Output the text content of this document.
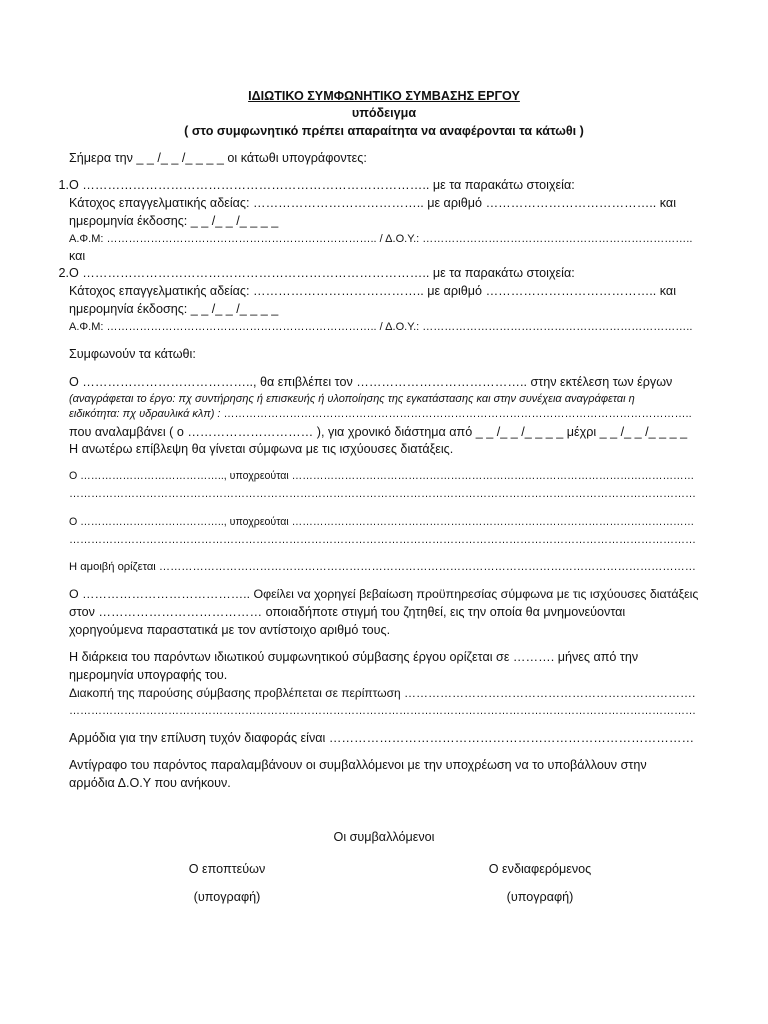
ΙΔΙΩΤΙΚΟ ΣΥΜΦΩΝΗΤΙΚΟ ΣΥΜΒΑΣΗΣ ΕΡΓΟΥ
υπόδειγμα
( στο συμφωνητικό πρέπει απαραίτητα να αναφέρονται τα κάτωθι )
Σήμερα την _ _ /_ _ /_ _ _ _ οι κάτωθι υπογράφοντες:
1.Ο ……………………………………………………………………….. με τα παρακάτω στοιχεία:
Κάτοχος επαγγελματικής αδείας: ………………………………….. με αριθμό ………………………………….. και
ημερομηνία έκδοσης: _ _ /_ _ /_ _ _ _
Α.Φ.Μ: ……………………………………………………………….. / Δ.Ο.Υ.: ………………………………………………………………..
και
2.Ο ……………………………………………………………………….. με τα παρακάτω στοιχεία:
Κάτοχος επαγγελματικής αδείας: ………………………………….. με αριθμό ………………………………….. και
ημερομηνία έκδοσης: _ _ /_ _ /_ _ _ _
Α.Φ.Μ: ……………………………………………………………….. / Δ.Ο.Υ.: ………………………………………………………………..
Συμφωνούν τα κάτωθι:
Ο ………………………………….., θα επιβλέπει τον ………………………………….. στην εκτέλεση των έργων
(αναγράφεται το έργο: πχ συντήρησης ή επισκευής ή υλοποίησης της εγκατάστασης και στην συνέχεια αναγράφεται η
ειδικότητα: πχ υδραυλικά κλπ) : ………………………………………………………………………………………………………………..
που αναλαμβάνει ( ο ………………………… ), για χρονικό διάστημα από _ _ /_ _ /_ _ _ _ μέχρι _ _ /_ _ /_ _ _ _
Η ανωτέρω επίβλεψη θα γίνεται σύμφωνα με τις ισχύουσες διατάξεις.
Ο ………………………………….., υποχρεούται ……………………………………………………………………………………………………
………………………………………………………………………………………………………………………………………………………
Ο ………………………………….., υποχρεούται ……………………………………………………………………………………………………
………………………………………………………………………………………………………………………………………………………
Η αμοιβή ορίζεται ………………………………………………………………………………………………………………………………
Ο ………………………………….. Οφείλει να χορηγεί βεβαίωση προϋπηρεσίας σύμφωνα με τις ισχύουσες διατάξεις
στον ………………………………… οποιαδήποτε στιγμή του ζητηθεί, εις την οποία θα μνημονεύονται
χορηγούμενα παραστατικά με τον αντίστοιχο αριθμό τους.
Η διάρκεια του παρόντων ιδιωτικού συμφωνητικού σύμβασης έργου ορίζεται σε ………. μήνες από την
ημερομηνία υπογραφής του.
Διακοπή της παρούσης σύμβασης προβλέπεται σε περίπτωση ……………………………………………………………….
………………………………………………………………………………………………………………………………………………………
Αρμόδια για την επίλυση τυχόν διαφοράς είναι ……………………………………………………………………………
Αντίγραφο του παρόντος παραλαμβάνουν οι συμβαλλόμενοι με την υποχρέωση να το υποβάλλουν στην
αρμόδια Δ.Ο.Υ που ανήκουν.
Οι συμβαλλόμενοι
Ο εποπτεύων	Ο ενδιαφερόμενος
(υπογραφή)	(υπογραφή)
